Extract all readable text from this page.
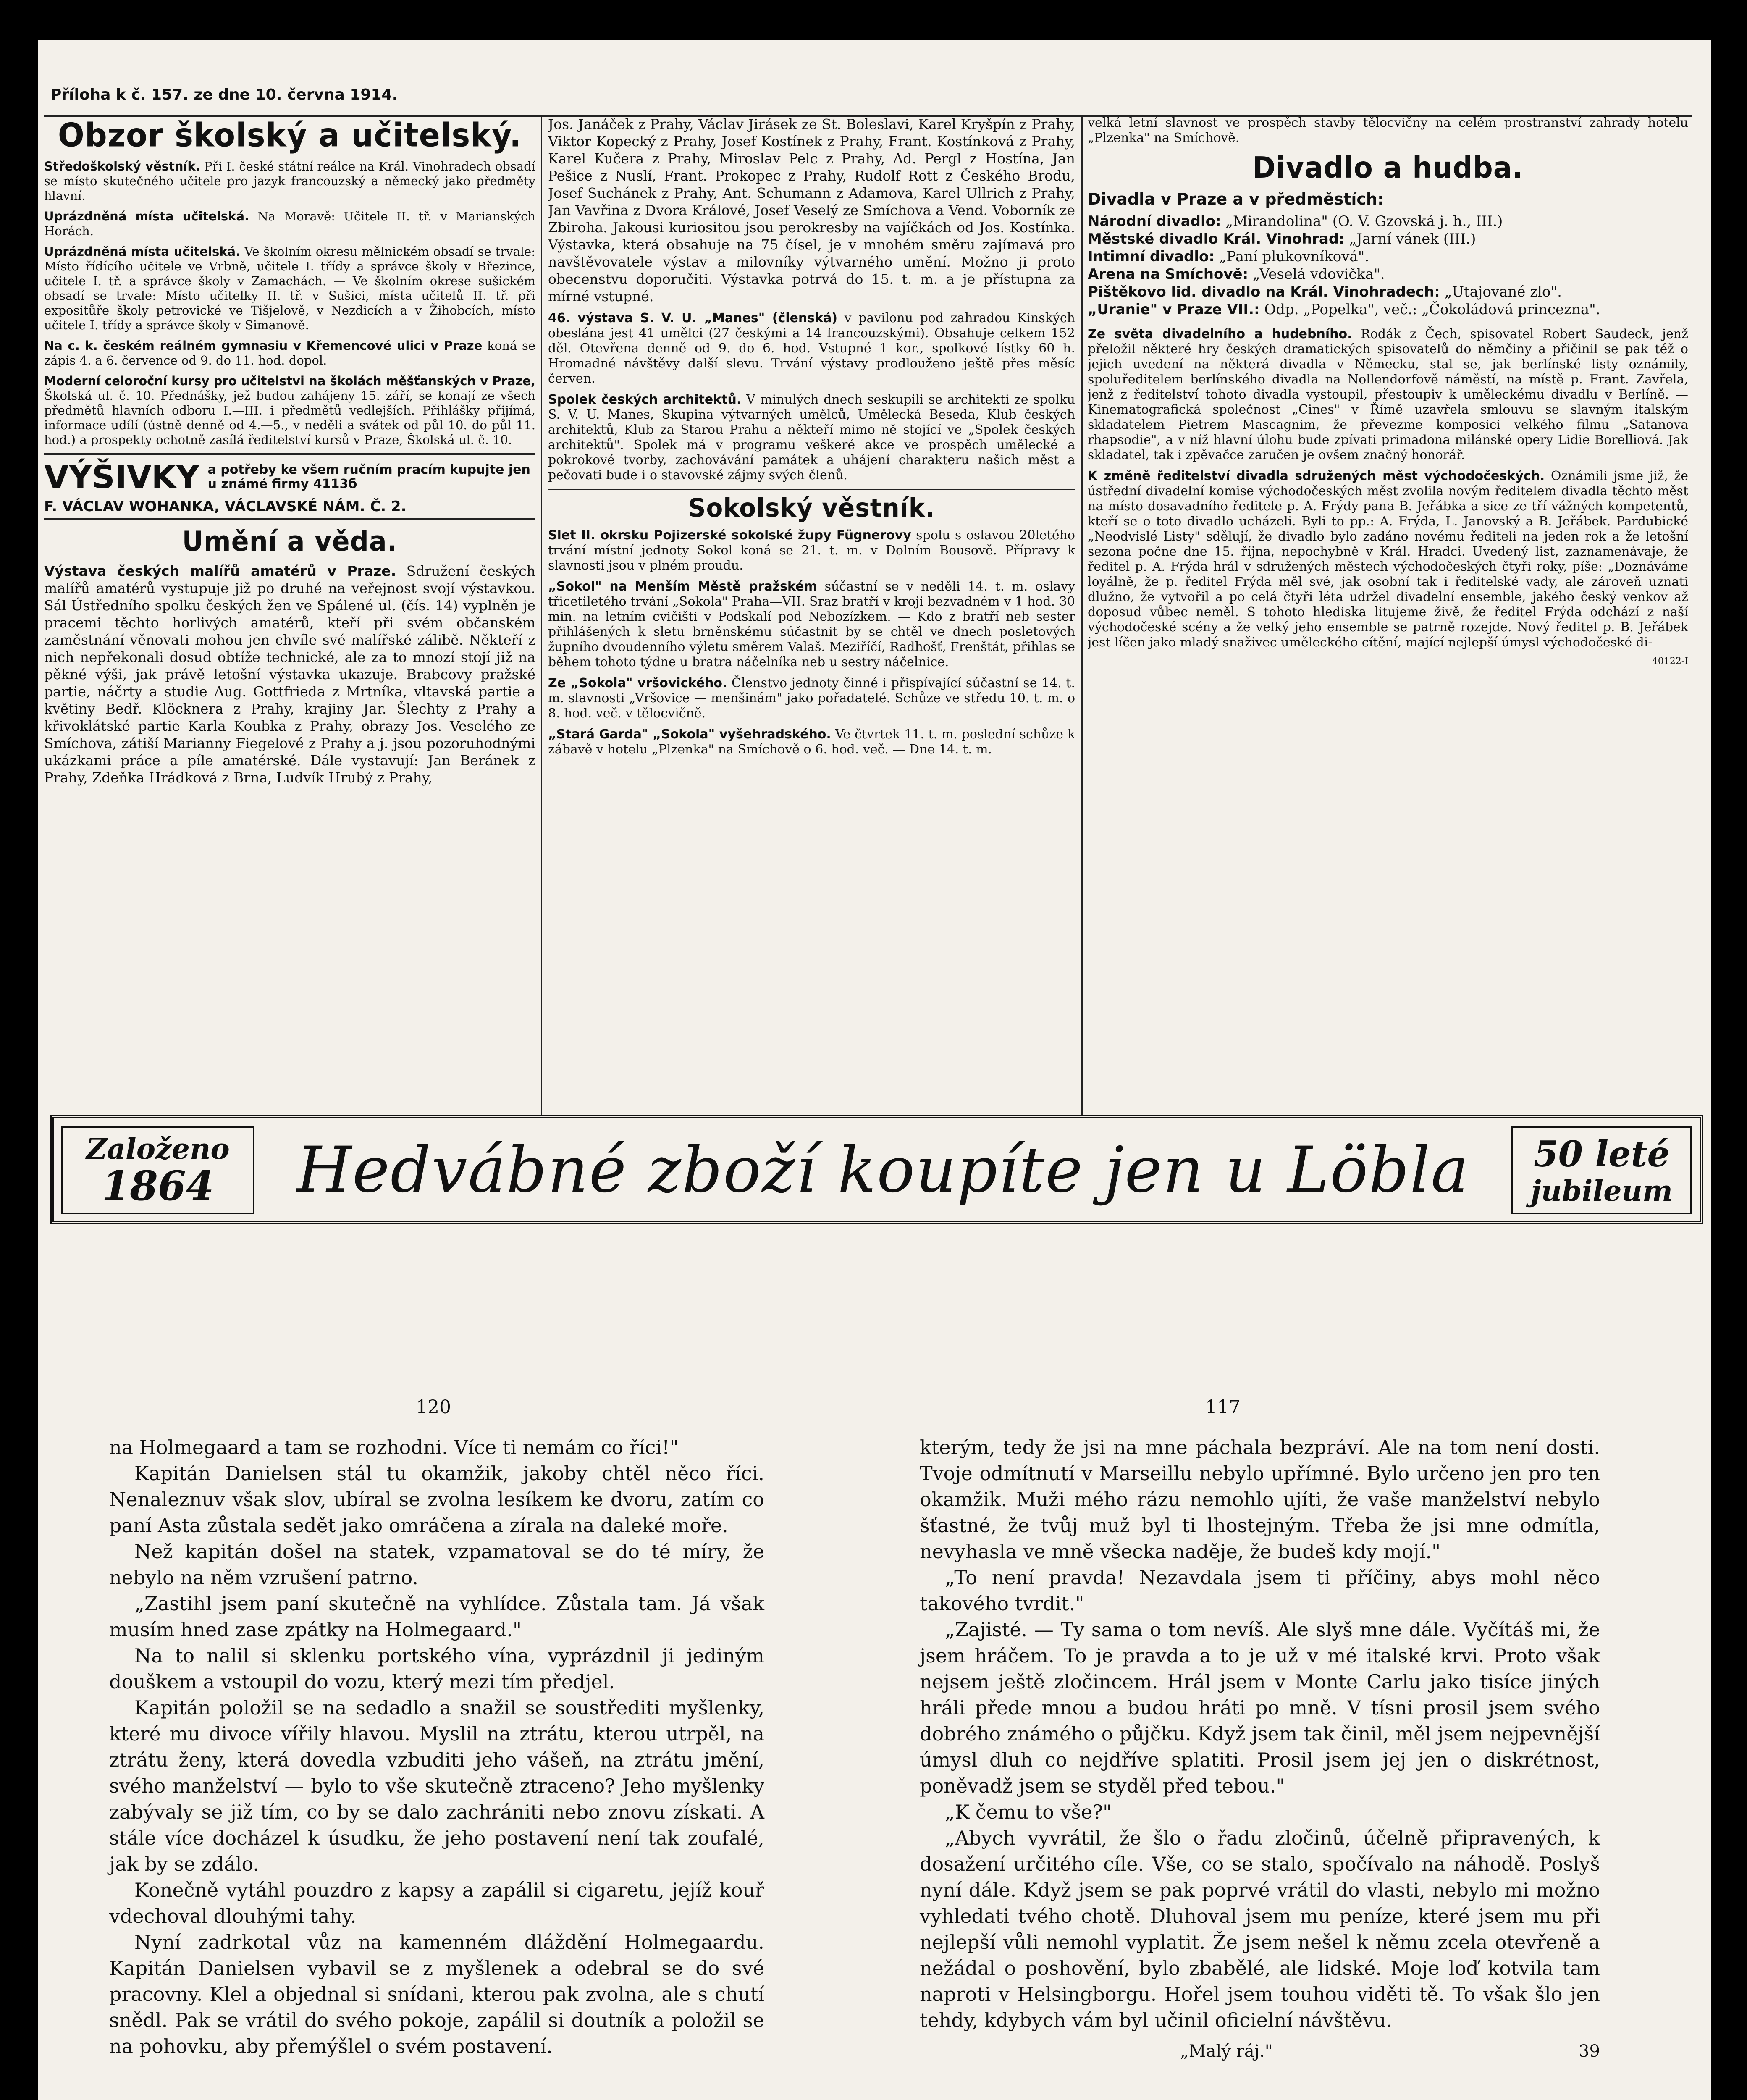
Příloha k č. 157. ze dne 10. června 1914.
Obzor školský a učitelský.

Středoškolský věstník. Při I. české státní reálce na Král. Vinohradech obsadí se místo skutečného učitele pro jazyk francouzský a německý jako předměty hlavní.

Uprázdněná místa učitelská. Na Moravě: Učitele II. tř. v Marianských Horách.

Uprázdněná místa učitelská. Ve školním okresu mělnickém obsadí se trvale: Místo řídícího učitele ve Vrbně, učitele I. třídy a správce školy v Březince, učitele I. tř. a správce školy v Zamachách. — Ve školním okrese sušickém obsadí se trvale: Místo učitelky II. tř. v Sušici, místa učitelů II. tř. při expositůře školy petrovické ve Tišjelově, v Nezdicích a v Žihobcích, místo učitele I. třídy a správce školy v Simanově.

Na c. k. českém reálném gymnasiu v Křemencové ulici v Praze koná se zápis 4. a 6. července od 9. do 11. hod. dopol.

Moderní celoroční kursy pro učitelstvi na školách měšťanských v Praze, Školská ul. č. 10. Přednášky, jež budou zahájeny 15. září, se konají ze všech předmětů hlavních odboru I.—III. i předmětů vedlejších. Přihlášky přijímá, informace udílí (ústně denně od 4.—5., v neděli a svátek od půl 10. do půl 11. hod.) a prospekty ochotně zasílá ředitelství kursů v Praze, Školská ul. č. 10.

VÝŠIVKY a potřeby ke všem ručním pracím kupujte jen u známé firmy 4113б
F. VÁCLAV WOHANKA, VÁCLAVSKÉ NÁM. Č. 2.
Umění a věda.

Výstava českých malířů amatérů v Praze. Sdružení českých malířů amatérů vystupuje již po druhé na veřejnost svojí výstavkou. Sál Ústředního spolku českých žen ve Spálené ul. (čís. 14) vyplněn je pracemi těchto horlivých amatérů, kteří při svém občanském zaměstnání věnovati mohou jen chvíle své malířské zálibě. Někteří z nich nepřekonali dosud obtíže technické, ale za to mnozí stojí již na pěkné výši, jak právě letošní výstavka ukazuje. Brabcovy pražské partie, náčrty a studie Aug. Gottfrieda z Mrtníka, vltavská partie a květiny Bedř. Klöcknera z Prahy, krajiny Jar. Šlechty z Prahy a křivoklátské partie Karla Koubka z Prahy, obrazy Jos. Veselého ze Smíchova, zátiší Marianny Fiegelové z Prahy a j. jsou pozoruhodnými ukázkami práce a píle amatérské. Dále vystavují: Jan Beránek z Prahy, Zdeňka Hrádková z Brna, Ludvík Hrubý z Prahy,

Jos. Janáček z Prahy, Václav Jirásek ze St. Boleslavi, Karel Kryšpín z Prahy, Viktor Kopecký z Prahy, Josef Kostínek z Prahy, Frant. Kostínková z Prahy, Karel Kučera z Prahy, Miroslav Pelc z Prahy, Ad. Pergl z Hostína, Jan Pešice z Nuslí, Frant. Prokopec z Prahy, Rudolf Rott z Českého Brodu, Josef Suchánek z Prahy, Ant. Schumann z Adamova, Karel Ullrich z Prahy, Jan Vavřina z Dvora Králové, Josef Veselý ze Smíchova a Vend. Voborník ze Zbiroha. Jakousi kuriositou jsou perokresby na vajíčkách od Jos. Kostínka. Výstavka, která obsahuje na 75 čísel, je v mnohém směru zajímavá pro navštěvovatele výstav a milovníky výtvarného umění. Možno ji proto obecenstvu doporučiti. Výstavka potrvá do 15. t. m. a je přístupna za mírné vstupné.

46. výstava S. V. U. „Manes" (členská) v pavilonu pod zahradou Kinských obeslána jest 41 umělci (27 českými a 14 francouzskými). Obsahuje celkem 152 děl. Otevřena denně od 9. do 6. hod. Vstupné 1 kor., spolkové lístky 60 h. Hromadné návštěvy další slevu. Trvání výstavy prodlouženo ještě přes měsíc červen.

Spolek českých architektů. V minulých dnech seskupili se architekti ze spolku S. V. U. Manes, Skupina výtvarných umělců, Umělecká Beseda, Klub českých architektů, Klub za Starou Prahu a někteří mimo ně stojící ve „Spolek českých architektů". Spolek má v programu veškeré akce ve prospěch umělecké a pokrokové tvorby, zachovávání památek a uhájení charakteru našich měst a pečovati bude i o stavovské zájmy svých členů.

Sokolský věstník.

Slet II. okrsku Pojizerské sokolské župy Fügnerovy spolu s oslavou 20letého trvání místní jednoty Sokol koná se 21. t. m. v Dolním Bousově. Přípravy k slavnosti jsou v plném proudu.

„Sokol" na Menším Městě pražském súčastní se v neděli 14. t. m. oslavy třicetiletého trvání „Sokola" Praha—VII. Sraz bratří v kroji bezvadném v 1 hod. 30 min. na letním cvičišti v Podskalí pod Nebozízkem. — Kdo z bratří neb sester přihlášených k sletu brněnskému súčastnit by se chtěl ve dnech posletových župního dvoudenního výletu směrem Valaš. Meziříčí, Radhošť, Frenštát, přihlas se během tohoto týdne u bratra náčelníka neb u sestry náčelnice.

Ze „Sokola" vršovického. Členstvo jednoty činné i přispívající súčastní se 14. t. m. slavnosti „Vršovice — menšinám" jako pořadatelé. Schůze ve středu 10. t. m. o 8. hod. več. v tělocvičně.

„Stará Garda" „Sokola" vyšehradského. Ve čtvrtek 11. t. m. poslední schůze k zábavě v hotelu „Plzenka" na Smíchově o 6. hod. več. — Dne 14. t. m.

velká letní slavnost ve prospěch stavby tělocvičny na celém prostranství zahrady hotelu „Plzenka" na Smíchově.

Divadlo a hudba.
Divadla v Praze a v předměstích:

Národní divadlo: „Mirandolina" (O. V. Gzovská j. h., III.)

Městské divadlo Král. Vinohrad: „Jarní vánek (III.)

Intimní divadlo: „Paní plukovníková".

Arena na Smíchově: „Veselá vdovička".

Pištěkovo lid. divadlo na Král. Vinohradech: „Utajované zlo".

„Uranie" v Praze VII.: Odp. „Popelka", več.: „Čokoládová princezna".

Ze světa divadelního a hudebního. Rodák z Čech, spisovatel Robert Saudeck, jenž přeložil některé hry českých dramatických spisovatelů do němčiny a přičinil se pak též o jejich uvedení na některá divadla v Německu, stal se, jak berlínské listy oznámily, spoluředitelem berlínského divadla na Nollendorfově náměstí, na místě p. Frant. Zavřela, jenž z ředitelství tohoto divadla vystoupil, přestoupiv k uměleckému divadlu v Berlíně. — Kinematografická společnost „Cines" v Římě uzavřela smlouvu se slavným italským skladatelem Pietrem Mascagnim, že převezme komposici velkého filmu „Satanova rhapsodie", a v níž hlavní úlohu bude zpívati primadona milánské opery Lidie Borelliová. Jak skladatel, tak i zpěvačce zaručen je ovšem značný honorář.

K změně ředitelství divadla sdružených měst východočeských. Oznámili jsme již, že ústřední divadelní komise východočeských měst zvolila novým ředitelem divadla těchto měst na místo dosavadního ředitele p. A. Frýdy pana B. Jeřábka a sice ze tří vážných kompetentů, kteří se o toto divadlo ucházeli. Byli to pp.: A. Frýda, L. Janovský a B. Jeřábek. Pardubické „Neodvislé Listy" sdělují, že divadlo bylo zadáno novému řediteli na jeden rok a že letošní sezona počne dne 15. října, nepochybně v Král. Hradci. Uvedený list, zaznamenávaje, že ředitel p. A. Frýda hrál v sdružených městech východočeských čtyři roky, píše: „Doznáváme loyálně, že p. ředitel Frýda měl své, jak osobní tak i ředitelské vady, ale zároveň uznati dlužno, že vytvořil a po celá čtyři léta udržel divadelní ensemble, jakého český venkov až doposud vůbec neměl. S tohoto hlediska litujeme živě, že ředitel Frýda odchází z naší východočeské scény a že velký jeho ensemble se patrně rozejde. Nový ředitel p. B. Jeřábek jest líčen jako mladý snaživec uměleckého cítění, mající nejlepší úmysl východočeské di-

40122-I
Založeno
1864	Hedvábné zboží koupíte jen u Löbla	50 leté
jubileum
120

na Holmegaard a tam se rozhodni. Více ti nemám co říci!"

Kapitán Danielsen stál tu okamžik, jakoby chtěl něco říci. Nenaleznuv však slov, ubíral se zvolna lesíkem ke dvoru, zatím co paní Asta zůstala sedět jako omráčena a zírala na daleké moře.

Než kapitán došel na statek, vzpamatoval se do té míry, že nebylo na něm vzrušení patrno.

„Zastihl jsem paní skutečně na vyhlídce. Zůstala tam. Já však musím hned zase zpátky na Holmegaard."

Na to nalil si sklenku portského vína, vyprázdnil ji jediným douškem a vstoupil do vozu, který mezi tím předjel.

Kapitán položil se na sedadlo a snažil se soustřediti myšlenky, které mu divoce vířily hlavou. Myslil na ztrátu, kterou utrpěl, na ztrátu ženy, která dovedla vzbuditi jeho vášeň, na ztrátu jmění, svého manželství — bylo to vše skutečně ztraceno? Jeho myšlenky zabývaly se již tím, co by se dalo zachrániti nebo znovu získati. A stále více docházel k úsudku, že jeho postavení není tak zoufalé, jak by se zdálo.

Konečně vytáhl pouzdro z kapsy a zapálil si cigaretu, jejíž kouř vdechoval dlouhými tahy.

Nyní zadrkotal vůz na kamenném dláždění Holmegaardu. Kapitán Danielsen vybavil se z myšlenek a odebral se do své pracovny. Klel a objednal si snídani, kterou pak zvolna, ale s chutí snědl. Pak se vrátil do svého pokoje, zapálil si doutník a položil se na pohovku, aby přemýšlel o svém postavení.

117

kterým, tedy že jsi na mne páchala bezpráví. Ale na tom není dosti. Tvoje odmítnutí v Marseillu nebylo upřímné. Bylo určeno jen pro ten okamžik. Muži mého rázu nemohlo ujíti, že vaše manželství nebylo šťastné, že tvůj muž byl ti lhostejným. Třeba že jsi mne odmítla, nevyhasla ve mně všecka naděje, že budeš kdy mojí."

„To není pravda! Nezavdala jsem ti příčiny, abys mohl něco takového tvrdit."

„Zajisté. — Ty sama o tom nevíš. Ale slyš mne dále. Vyčítáš mi, že jsem hráčem. To je pravda a to je už v mé italské krvi. Proto však nejsem ještě zločincem. Hrál jsem v Monte Carlu jako tisíce jiných hráli přede mnou a budou hráti po mně. V tísni prosil jsem svého dobrého známého o půjčku. Když jsem tak činil, měl jsem nejpevnější úmysl dluh co nejdříve splatiti. Prosil jsem jej jen o diskrétnost, poněvadž jsem se styděl před tebou."

„K čemu to vše?"

„Abych vyvrátil, že šlo o řadu zločinů, účelně připravených, k dosažení určitého cíle. Vše, co se stalo, spočívalo na náhodě. Poslyš nyní dále. Když jsem se pak poprvé vrátil do vlasti, nebylo mi možno vyhledati tvého chotě. Dluhoval jsem mu peníze, které jsem mu při nejlepší vůli nemohl vyplatit. Že jsem nešel k němu zcela otevřeně a nežádal o poshovění, bylo zbabělé, ale lidské. Moje loď kotvila tam naproti v Helsingborgu. Hořel jsem touhou viděti tě. To však šlo jen tehdy, kdybych vám byl učinil oficielní návštěvu.

„Malý ráj."	39
